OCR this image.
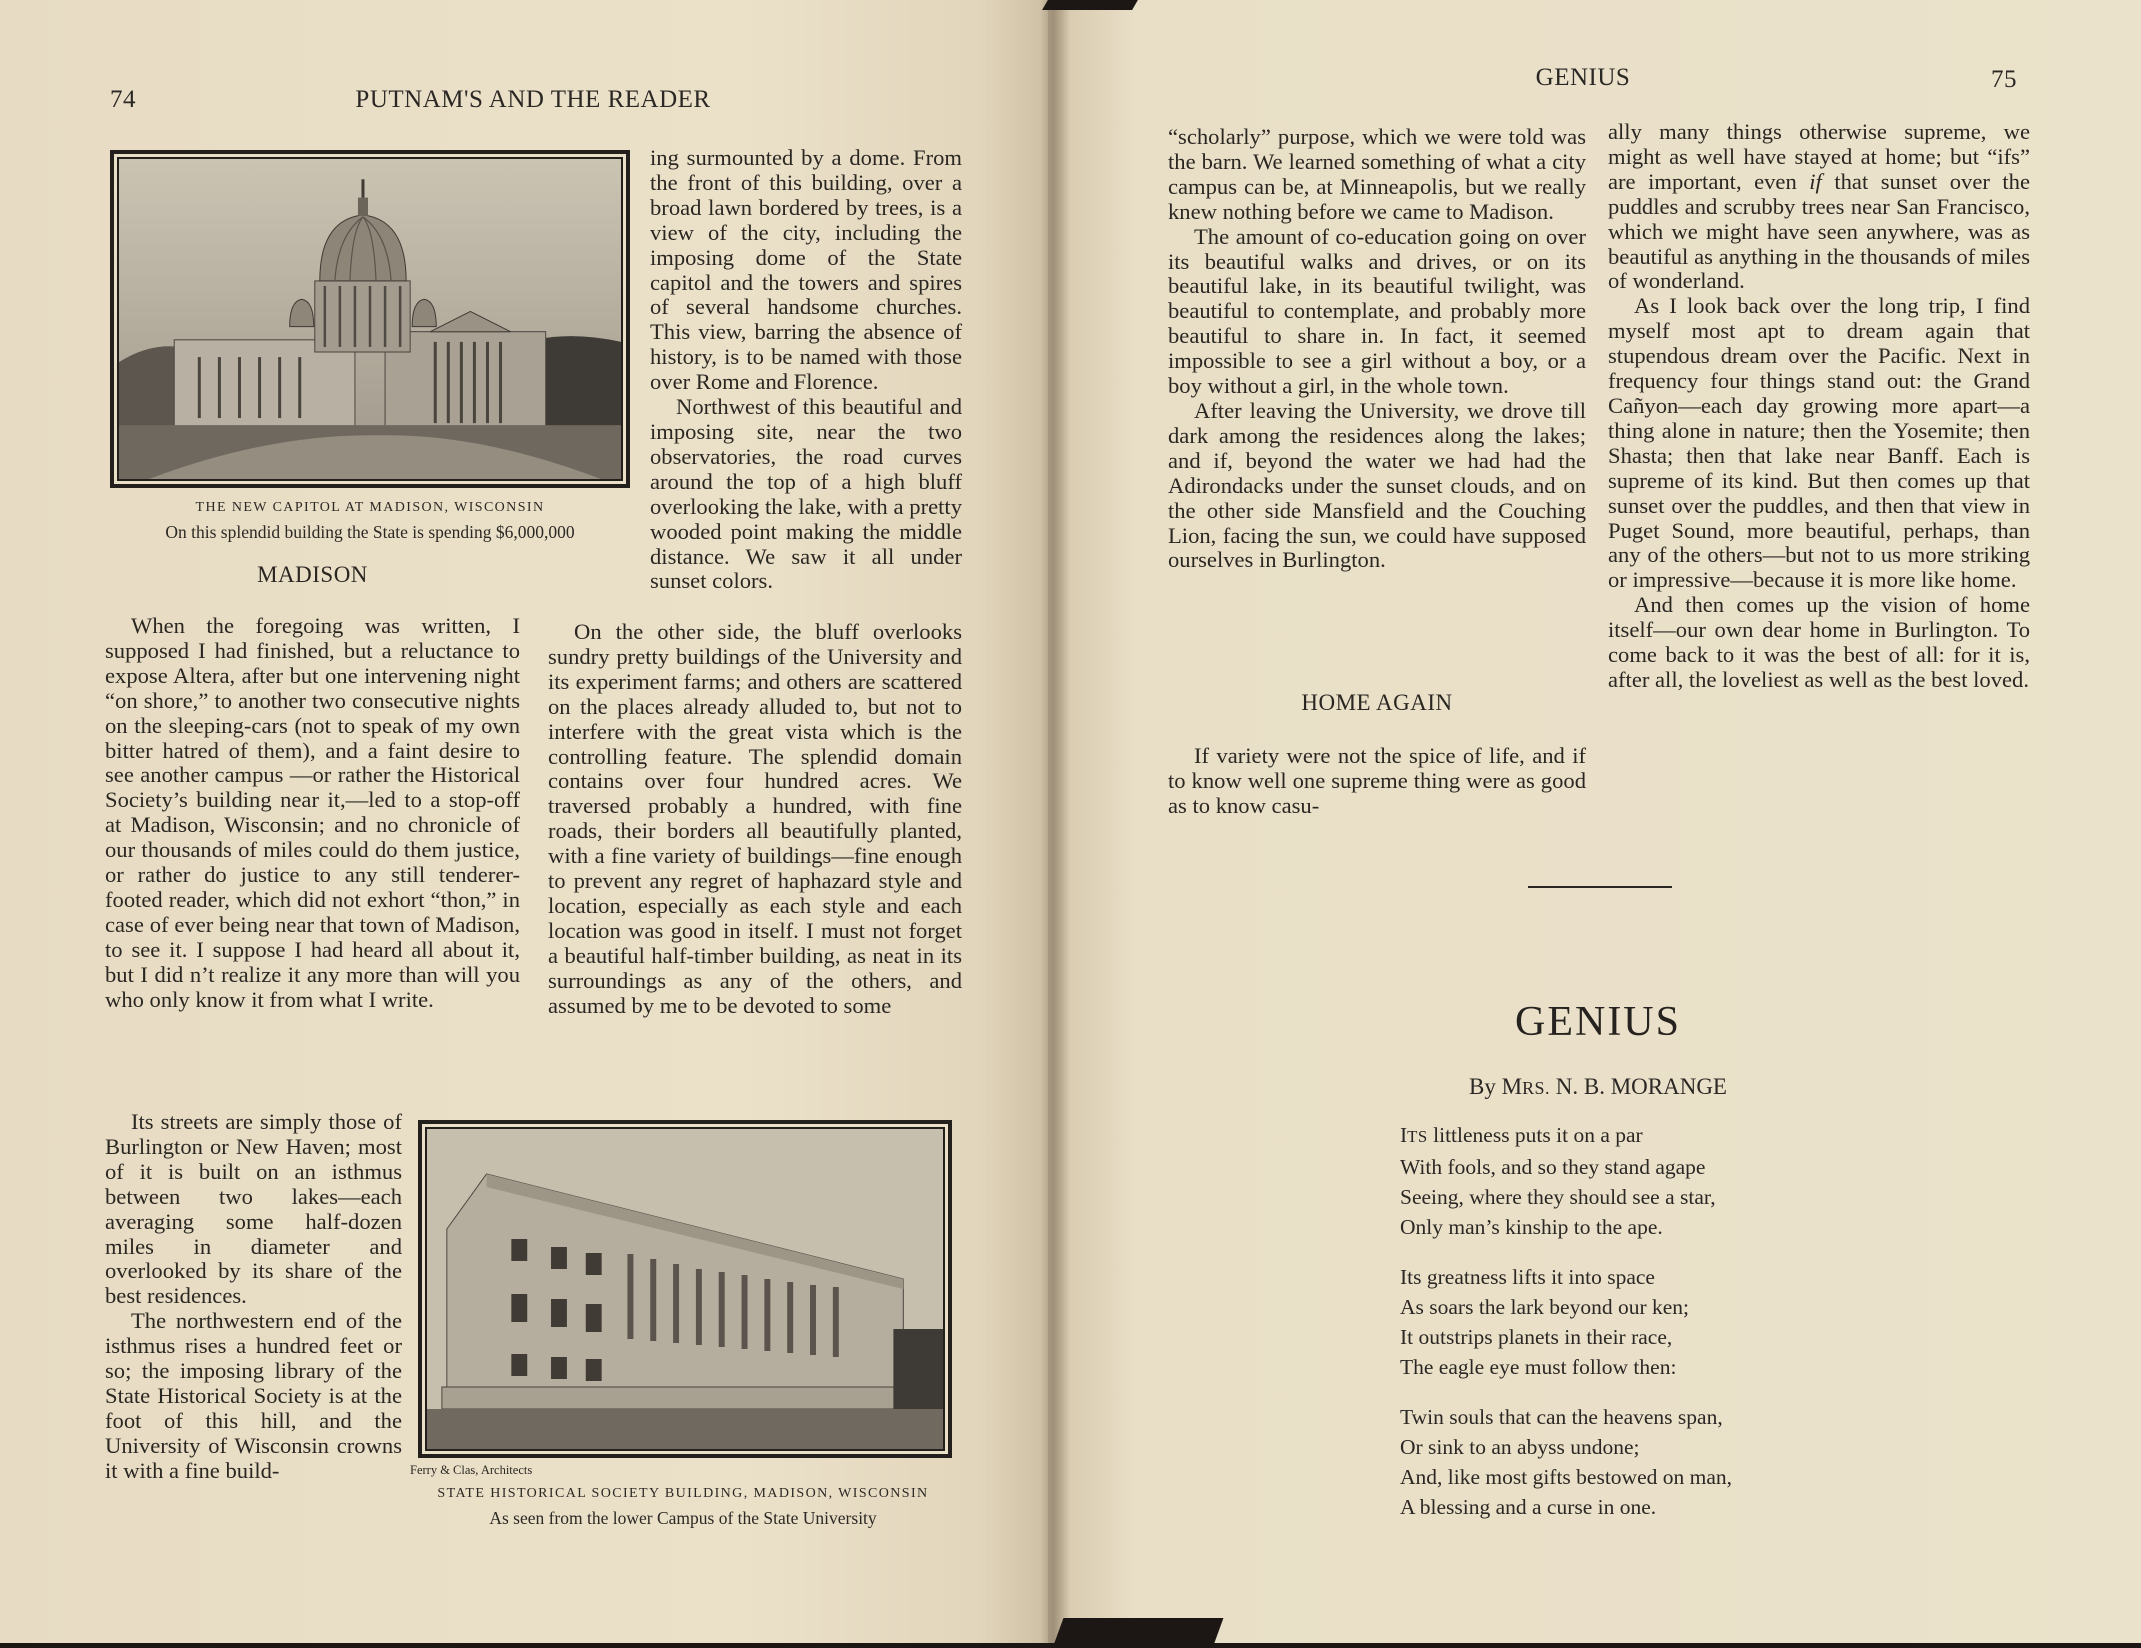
74	PUTNAM'S AND THE READER
THE NEW CAPITOL AT MADISON, WISCONSIN
On this splendid building the State is spending $6,000,000
MADISON

When the foregoing was written, I supposed I had finished, but a reluctance to expose Altera, after but one intervening night “on shore,” to another two consecutive nights on the sleeping-cars (not to speak of my own bitter hatred of them), and a faint desire to see another campus —or rather the Historical Society’s building near it,—led to a stop-off at Madison, Wisconsin; and no chronicle of our thousands of miles could do them justice, or rather do justice to any still tenderer-footed reader, which did not exhort “thon,” in case of ever being near that town of Madison, to see it. I suppose I had heard all about it, but I did n’t realize it any more than will you who only know it from what I write.

Its streets are simply those of Burlington or New Haven; most of it is built on an isthmus between two lakes—each averaging some half-dozen miles in diameter and overlooked by its share of the best residences.

The northwestern end of the isthmus rises a hundred feet or so; the imposing library of the State Historical Society is at the foot of this hill, and the University of Wisconsin crowns it with a fine build-

ing surmounted by a dome. From the front of this building, over a broad lawn bordered by trees, is a view of the city, including the imposing dome of the State capitol and the towers and spires of several handsome churches. This view, barring the absence of history, is to be named with those over Rome and Florence.

Northwest of this beautiful and imposing site, near the two observatories, the road curves around the top of a high bluff overlooking the lake, with a pretty wooded point making the middle distance. We saw it all under sunset colors.

On the other side, the bluff overlooks sundry pretty buildings of the University and its experiment farms; and others are scattered on the places already alluded to, but not to interfere with the great vista which is the controlling feature. The splendid domain contains over four hundred acres. We traversed probably a hundred, with fine roads, their borders all beautifully planted, with a fine variety of buildings—fine enough to prevent any regret of haphazard style and location, especially as each style and each location was good in itself. I must not forget a beautiful half-timber building, as neat in its surroundings as any of the others, and assumed by me to be devoted to some

Ferry & Clas, Architects
STATE HISTORICAL SOCIETY BUILDING, MADISON, WISCONSIN
As seen from the lower Campus of the State University
GENIUS	75

“scholarly” purpose, which we were told was the barn. We learned something of what a city campus can be, at Minneapolis, but we really knew nothing before we came to Madison.

The amount of co-education going on over its beautiful walks and drives, or on its beautiful lake, in its beautiful twilight, was beautiful to contemplate, and probably more beautiful to share in. In fact, it seemed impossible to see a girl without a boy, or a boy without a girl, in the whole town.

After leaving the University, we drove till dark among the residences along the lakes; and if, beyond the water we had had the Adirondacks under the sunset clouds, and on the other side Mansfield and the Couching Lion, facing the sun, we could have supposed ourselves in Burlington.

HOME AGAIN

If variety were not the spice of life, and if to know well one supreme thing were as good as to know casu-

ally many things otherwise supreme, we might as well have stayed at home; but “ifs” are important, even if that sunset over the puddles and scrubby trees near San Francisco, which we might have seen anywhere, was as beautiful as anything in the thousands of miles of wonderland.

As I look back over the long trip, I find myself most apt to dream again that stupendous dream over the Pacific. Next in frequency four things stand out: the Grand Cañyon—each day growing more apart—a thing alone in nature; then the Yosemite; then Shasta; then that lake near Banff. Each is supreme of its kind. But then comes up that sunset over the puddles, and then that view in Puget Sound, more beautiful, perhaps, than any of the others—but not to us more striking or impressive—because it is more like home.

And then comes up the vision of home itself—our own dear home in Burlington. To come back to it was the best of all: for it is, after all, the loveliest as well as the best loved.

GENIUS
By MRS. N. B. MORANGE
ITS littleness puts it on a par
With fools, and so they stand agape
Seeing, where they should see a star,
Only man’s kinship to the ape.
Its greatness lifts it into space
As soars the lark beyond our ken;
It outstrips planets in their race,
The eagle eye must follow then:
Twin souls that can the heavens span,
Or sink to an abyss undone;
And, like most gifts bestowed on man,
A blessing and a curse in one.
